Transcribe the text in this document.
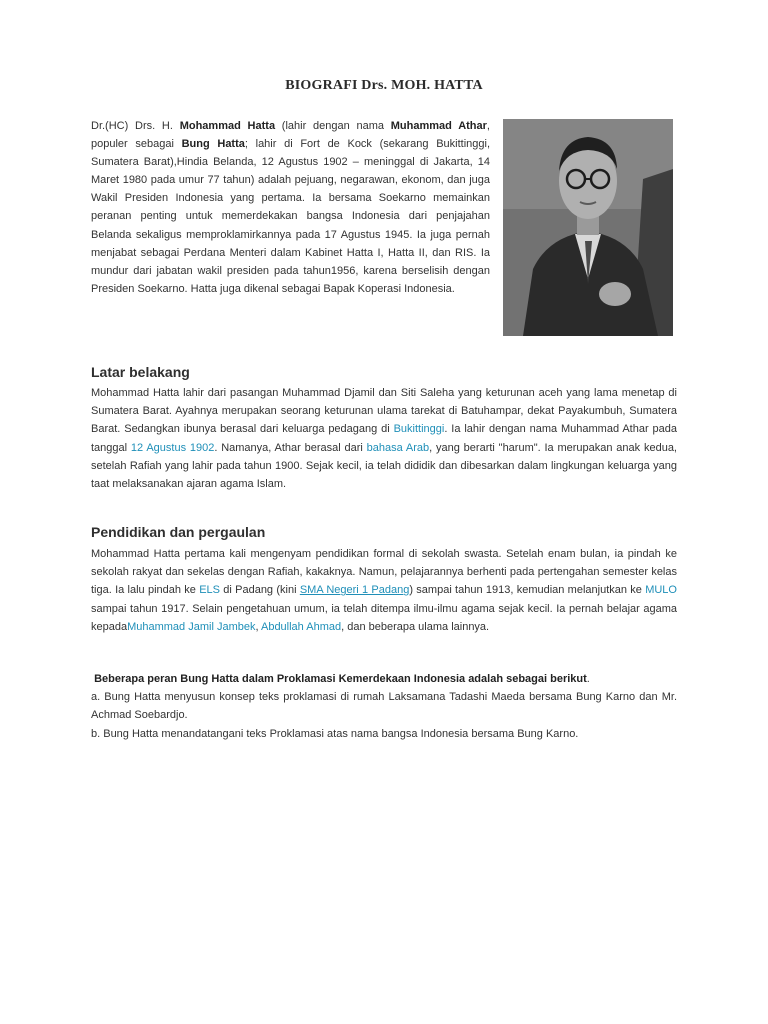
BIOGRAFI Drs. MOH. HATTA
Dr.(HC) Drs. H. Mohammad Hatta (lahir dengan nama Muhammad Athar, populer sebagai Bung Hatta; lahir di Fort de Kock (sekarang Bukittinggi, Sumatera Barat),Hindia Belanda, 12 Agustus 1902 – meninggal di Jakarta, 14 Maret 1980 pada umur 77 tahun) adalah pejuang, negarawan, ekonom, dan juga Wakil Presiden Indonesia yang pertama. Ia bersama Soekarno memainkan peranan penting untuk memerdekakan bangsa Indonesia dari penjajahan Belanda sekaligus memproklamirkannya pada 17 Agustus 1945. Ia juga pernah menjabat sebagai Perdana Menteri dalam Kabinet Hatta I, Hatta II, dan RIS. Ia mundur dari jabatan wakil presiden pada tahun1956, karena berselisih dengan Presiden Soekarno. Hatta juga dikenal sebagai Bapak Koperasi Indonesia.
Latar belakang
Mohammad Hatta lahir dari pasangan Muhammad Djamil dan Siti Saleha yang keturunan aceh yang lama menetap di Sumatera Barat. Ayahnya merupakan seorang keturunan ulama tarekat di Batuhampar, dekat Payakumbuh, Sumatera Barat. Sedangkan ibunya berasal dari keluarga pedagang di Bukittinggi. Ia lahir dengan nama Muhammad Athar pada tanggal 12 Agustus 1902. Namanya, Athar berasal dari bahasa Arab, yang berarti "harum". Ia merupakan anak kedua, setelah Rafiah yang lahir pada tahun 1900. Sejak kecil, ia telah dididik dan dibesarkan dalam lingkungan keluarga yang taat melaksanakan ajaran agama Islam.
Pendidikan dan pergaulan
Mohammad Hatta pertama kali mengenyam pendidikan formal di sekolah swasta. Setelah enam bulan, ia pindah ke sekolah rakyat dan sekelas dengan Rafiah, kakaknya. Namun, pelajarannya berhenti pada pertengahan semester kelas tiga. Ia lalu pindah ke ELS di Padang (kini SMA Negeri 1 Padang) sampai tahun 1913, kemudian melanjutkan ke MULO sampai tahun 1917. Selain pengetahuan umum, ia telah ditempa ilmu-ilmu agama sejak kecil. Ia pernah belajar agama kepadaMuhammad Jamil Jambek, Abdullah Ahmad, dan beberapa ulama lainnya.
Beberapa peran Bung Hatta dalam Proklamasi Kemerdekaan Indonesia adalah sebagai berikut.
a. Bung Hatta menyusun konsep teks proklamasi di rumah Laksamana Tadashi Maeda bersama Bung Karno dan Mr. Achmad Soebardjo.
b. Bung Hatta menandatangani teks Proklamasi atas nama bangsa Indonesia bersama Bung Karno.
